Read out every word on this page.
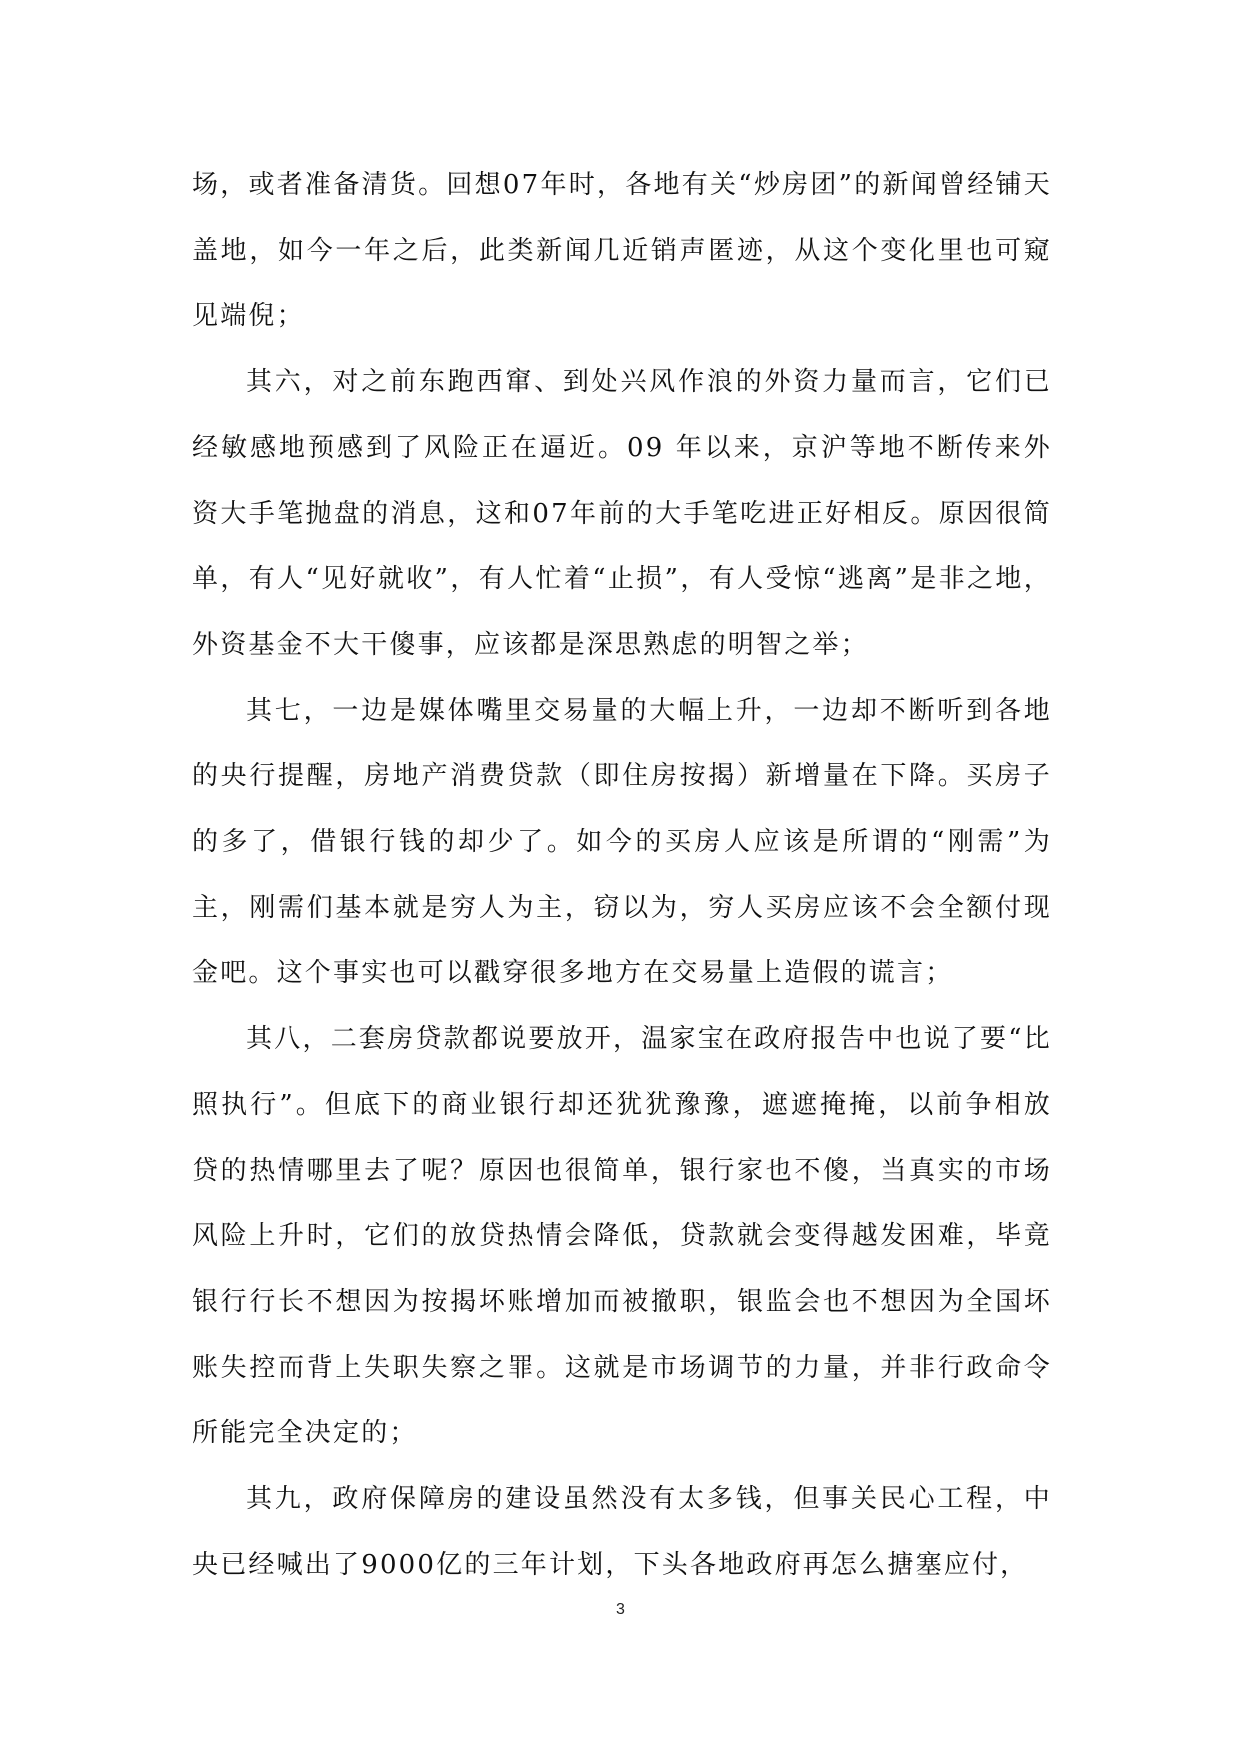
场，或者准备清货。回想07年时，各地有关“炒房团”的新闻曾经铺天盖地，如今一年之后，此类新闻几近销声匿迹，从这个变化里也可窥见端倪；

其六，对之前东跑西窜、到处兴风作浪的外资力量而言，它们已经敏感地预感到了风险正在逼近。09 年以来，京沪等地不断传来外资大手笔抛盘的消息，这和07年前的大手笔吃进正好相反。原因很简单，有人“见好就收”，有人忙着“止损”，有人受惊“逃离”是非之地，外资基金不大干傻事，应该都是深思熟虑的明智之举；

其七，一边是媒体嘴里交易量的大幅上升，一边却不断听到各地的央行提醒，房地产消费贷款（即住房按揭）新增量在下降。买房子的多了，借银行钱的却少了。如今的买房人应该是所谓的“刚需”为主，刚需们基本就是穷人为主，窃以为，穷人买房应该不会全额付现金吧。这个事实也可以戳穿很多地方在交易量上造假的谎言；

其八，二套房贷款都说要放开，温家宝在政府报告中也说了要“比照执行”。但底下的商业银行却还犹犹豫豫，遮遮掩掩，以前争相放贷的热情哪里去了呢？原因也很简单，银行家也不傻，当真实的市场风险上升时，它们的放贷热情会降低，贷款就会变得越发困难，毕竟银行行长不想因为按揭坏账增加而被撤职，银监会也不想因为全国坏账失控而背上失职失察之罪。这就是市场调节的力量，并非行政命令所能完全决定的；

其九，政府保障房的建设虽然没有太多钱，但事关民心工程，中央已经喊出了9000亿的三年计划，下头各地政府再怎么搪塞应付，

3
